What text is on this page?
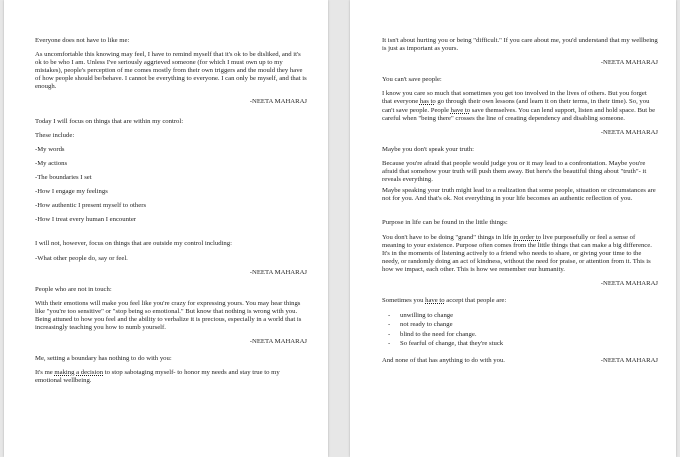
Everyone does not have to like me:

As uncomfortable this knowing may feel, I have to remind myself that it's ok to be disliked, and it's ok to be who I am. Unless I've seriously aggrieved someone (for which I must own up to my mistakes), people's perception of me comes mostly from their own triggers and the mould they have of how people should be/behave. I cannot be everything to everyone. I can only be myself, and that is enough.

-NEETA MAHARAJ

Today I will focus on things that are within my control:

These include:

-My words

-My actions

-The boundaries I set

-How I engage my feelings

-How authentic I present myself to others

-How I treat every human I encounter

I will not, however, focus on things that are outside my control including:

-What other people do, say or feel.

-NEETA MAHARAJ

People who are not in touch:

With their emotions will make you feel like you're crazy for expressing yours. You may hear things like "you're too sensitive" or "stop being so emotional." But know that nothing is wrong with you. Being attuned to how you feel and the ability to verbalize it is precious, especially in a world that is increasingly teaching you how to numb yourself.

-NEETA MAHARAJ

Me, setting a boundary has nothing to do with you:

It's me making a decision to stop sabotaging myself- to honor my needs and stay true to my emotional wellbeing.

It isn't about hurting you or being "difficult." If you care about me, you'd understand that my wellbeing is just as important as yours.

-NEETA MAHARAJ

You can't save people:

I know you care so much that sometimes you get too involved in the lives of others. But you forget that everyone has to go through their own lessons (and learn it on their terms, in their time). So, you can't save people. People have to save themselves. You can lend support, listen and hold space. But be careful when "being there" crosses the line of creating dependency and disabling someone.

-NEETA MAHARAJ

Maybe you don't speak your truth:

Because you're afraid that people would judge you or it may lead to a confrontation. Maybe you're afraid that somehow your truth will push them away. But here's the beautiful thing about "truth"- it reveals everything.

Maybe speaking your truth might lead to a realization that some people, situation or circumstances are not for you. And that's ok. Not everything in your life becomes an authentic reflection of you.

Purpose in life can be found in the little things:

You don't have to be doing "grand" things in life in order to live purposefully or feel a sense of meaning to your existence. Purpose often comes from the little things that can make a big difference. It's in the moments of listening actively to a friend who needs to share, or giving your time to the needy, or randomly doing an act of kindness, without the need for praise, or attention from it. This is how we impact, each other. This is how we remember our humanity.

-NEETA MAHARAJ

Sometimes you have to accept that people are:

- unwilling to change
- not ready to change
- blind to the need for change.
- So fearful of change, that they're stuck
And none of that has anything to do with you.	-NEETA MAHARAJ
